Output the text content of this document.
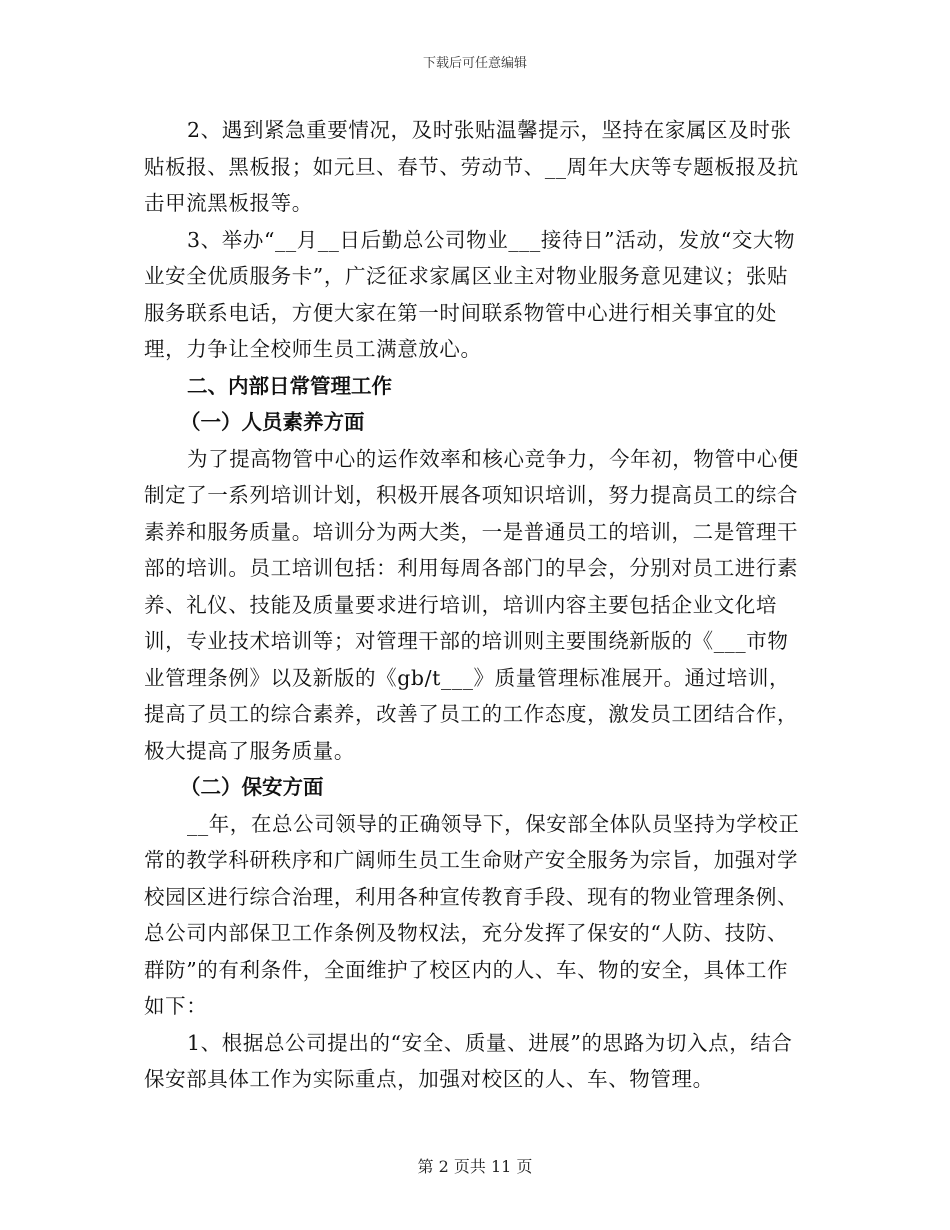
下载后可任意编辑

2、遇到紧急重要情况，及时张贴温馨提示，坚持在家属区及时张贴板报、黑板报；如元旦、春节、劳动节、__周年大庆等专题板报及抗击甲流黑板报等。

3、举办“__月__日后勤总公司物业___接待日”活动，发放“交大物业安全优质服务卡”，广泛征求家属区业主对物业服务意见建议；张贴服务联系电话，方便大家在第一时间联系物管中心进行相关事宜的处理，力争让全校师生员工满意放心。

二、内部日常管理工作

（一）人员素养方面

为了提高物管中心的运作效率和核心竞争力，今年初，物管中心便制定了一系列培训计划，积极开展各项知识培训，努力提高员工的综合素养和服务质量。培训分为两大类，一是普通员工的培训，二是管理干部的培训。员工培训包括：利用每周各部门的早会，分别对员工进行素养、礼仪、技能及质量要求进行培训，培训内容主要包括企业文化培训，专业技术培训等；对管理干部的培训则主要围绕新版的《___市物业管理条例》以及新版的《gb/t___》质量管理标准展开。通过培训，提高了员工的综合素养，改善了员工的工作态度，激发员工团结合作，极大提高了服务质量。

（二）保安方面

__年，在总公司领导的正确领导下，保安部全体队员坚持为学校正常的教学科研秩序和广阔师生员工生命财产安全服务为宗旨，加强对学校园区进行综合治理，利用各种宣传教育手段、现有的物业管理条例、总公司内部保卫工作条例及物权法，充分发挥了保安的“人防、技防、群防”的有利条件，全面维护了校区内的人、车、物的安全，具体工作如下：

1、根据总公司提出的“安全、质量、进展”的思路为切入点，结合保安部具体工作为实际重点，加强对校区的人、车、物管理。

第 2 页共 11 页
